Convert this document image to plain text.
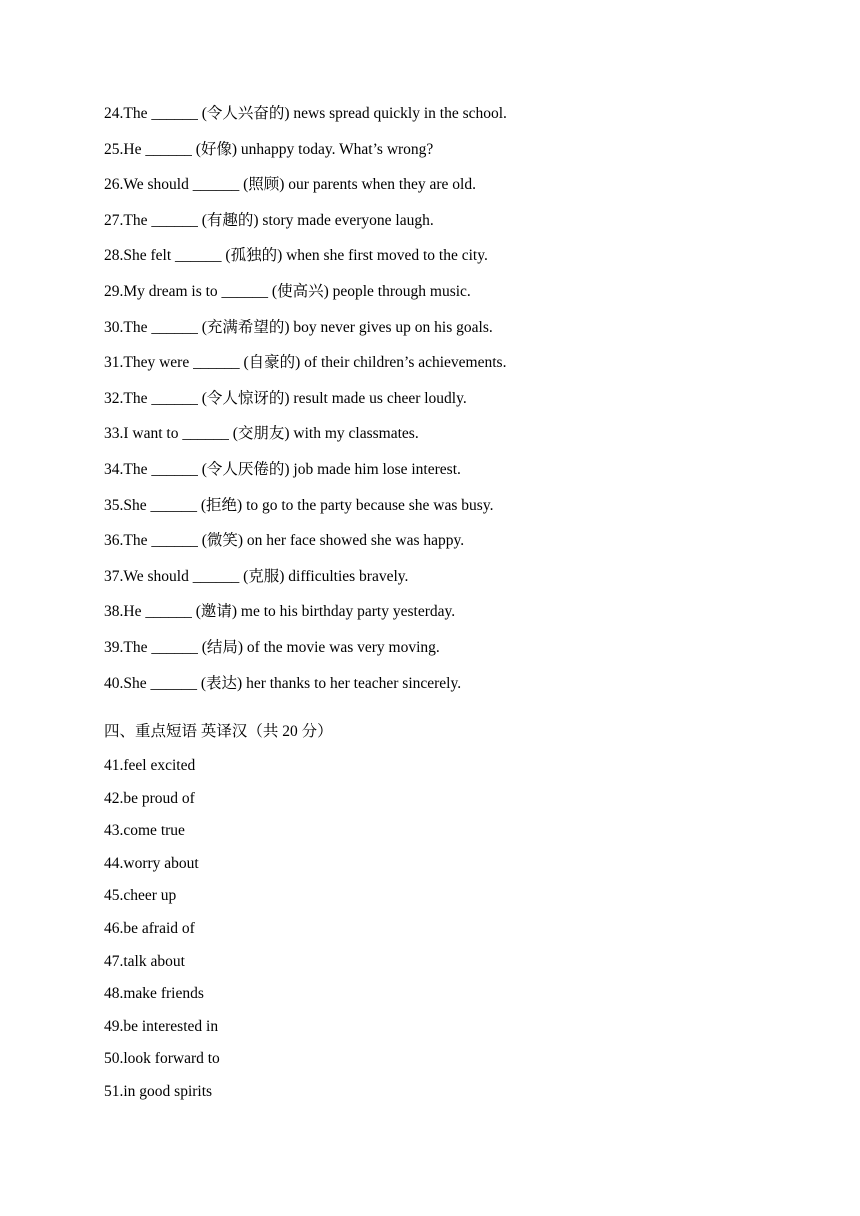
24.The ______ (令人兴奋的) news spread quickly in the school.
25.He ______ (好像) unhappy today. What’s wrong?
26.We should ______ (照顾) our parents when they are old.
27.The ______ (有趣的) story made everyone laugh.
28.She felt ______ (孤独的) when she first moved to the city.
29.My dream is to ______ (使高兴) people through music.
30.The ______ (充满希望的) boy never gives up on his goals.
31.They were ______ (自豪的) of their children’s achievements.
32.The ______ (令人惊讶的) result made us cheer loudly.
33.I want to ______ (交朋友) with my classmates.
34.The ______ (令人厌倦的) job made him lose interest.
35.She ______ (拒绝) to go to the party because she was busy.
36.The ______ (微笑) on her face showed she was happy.
37.We should ______ (克服) difficulties bravely.
38.He ______ (邀请) me to his birthday party yesterday.
39.The ______ (结局) of the movie was very moving.
40.She ______ (表达) her thanks to her teacher sincerely.
四、重点短语 英译汉（共 20 分）
41.feel excited
42.be proud of
43.come true
44.worry about
45.cheer up
46.be afraid of
47.talk about
48.make friends
49.be interested in
50.look forward to
51.in good spirits
